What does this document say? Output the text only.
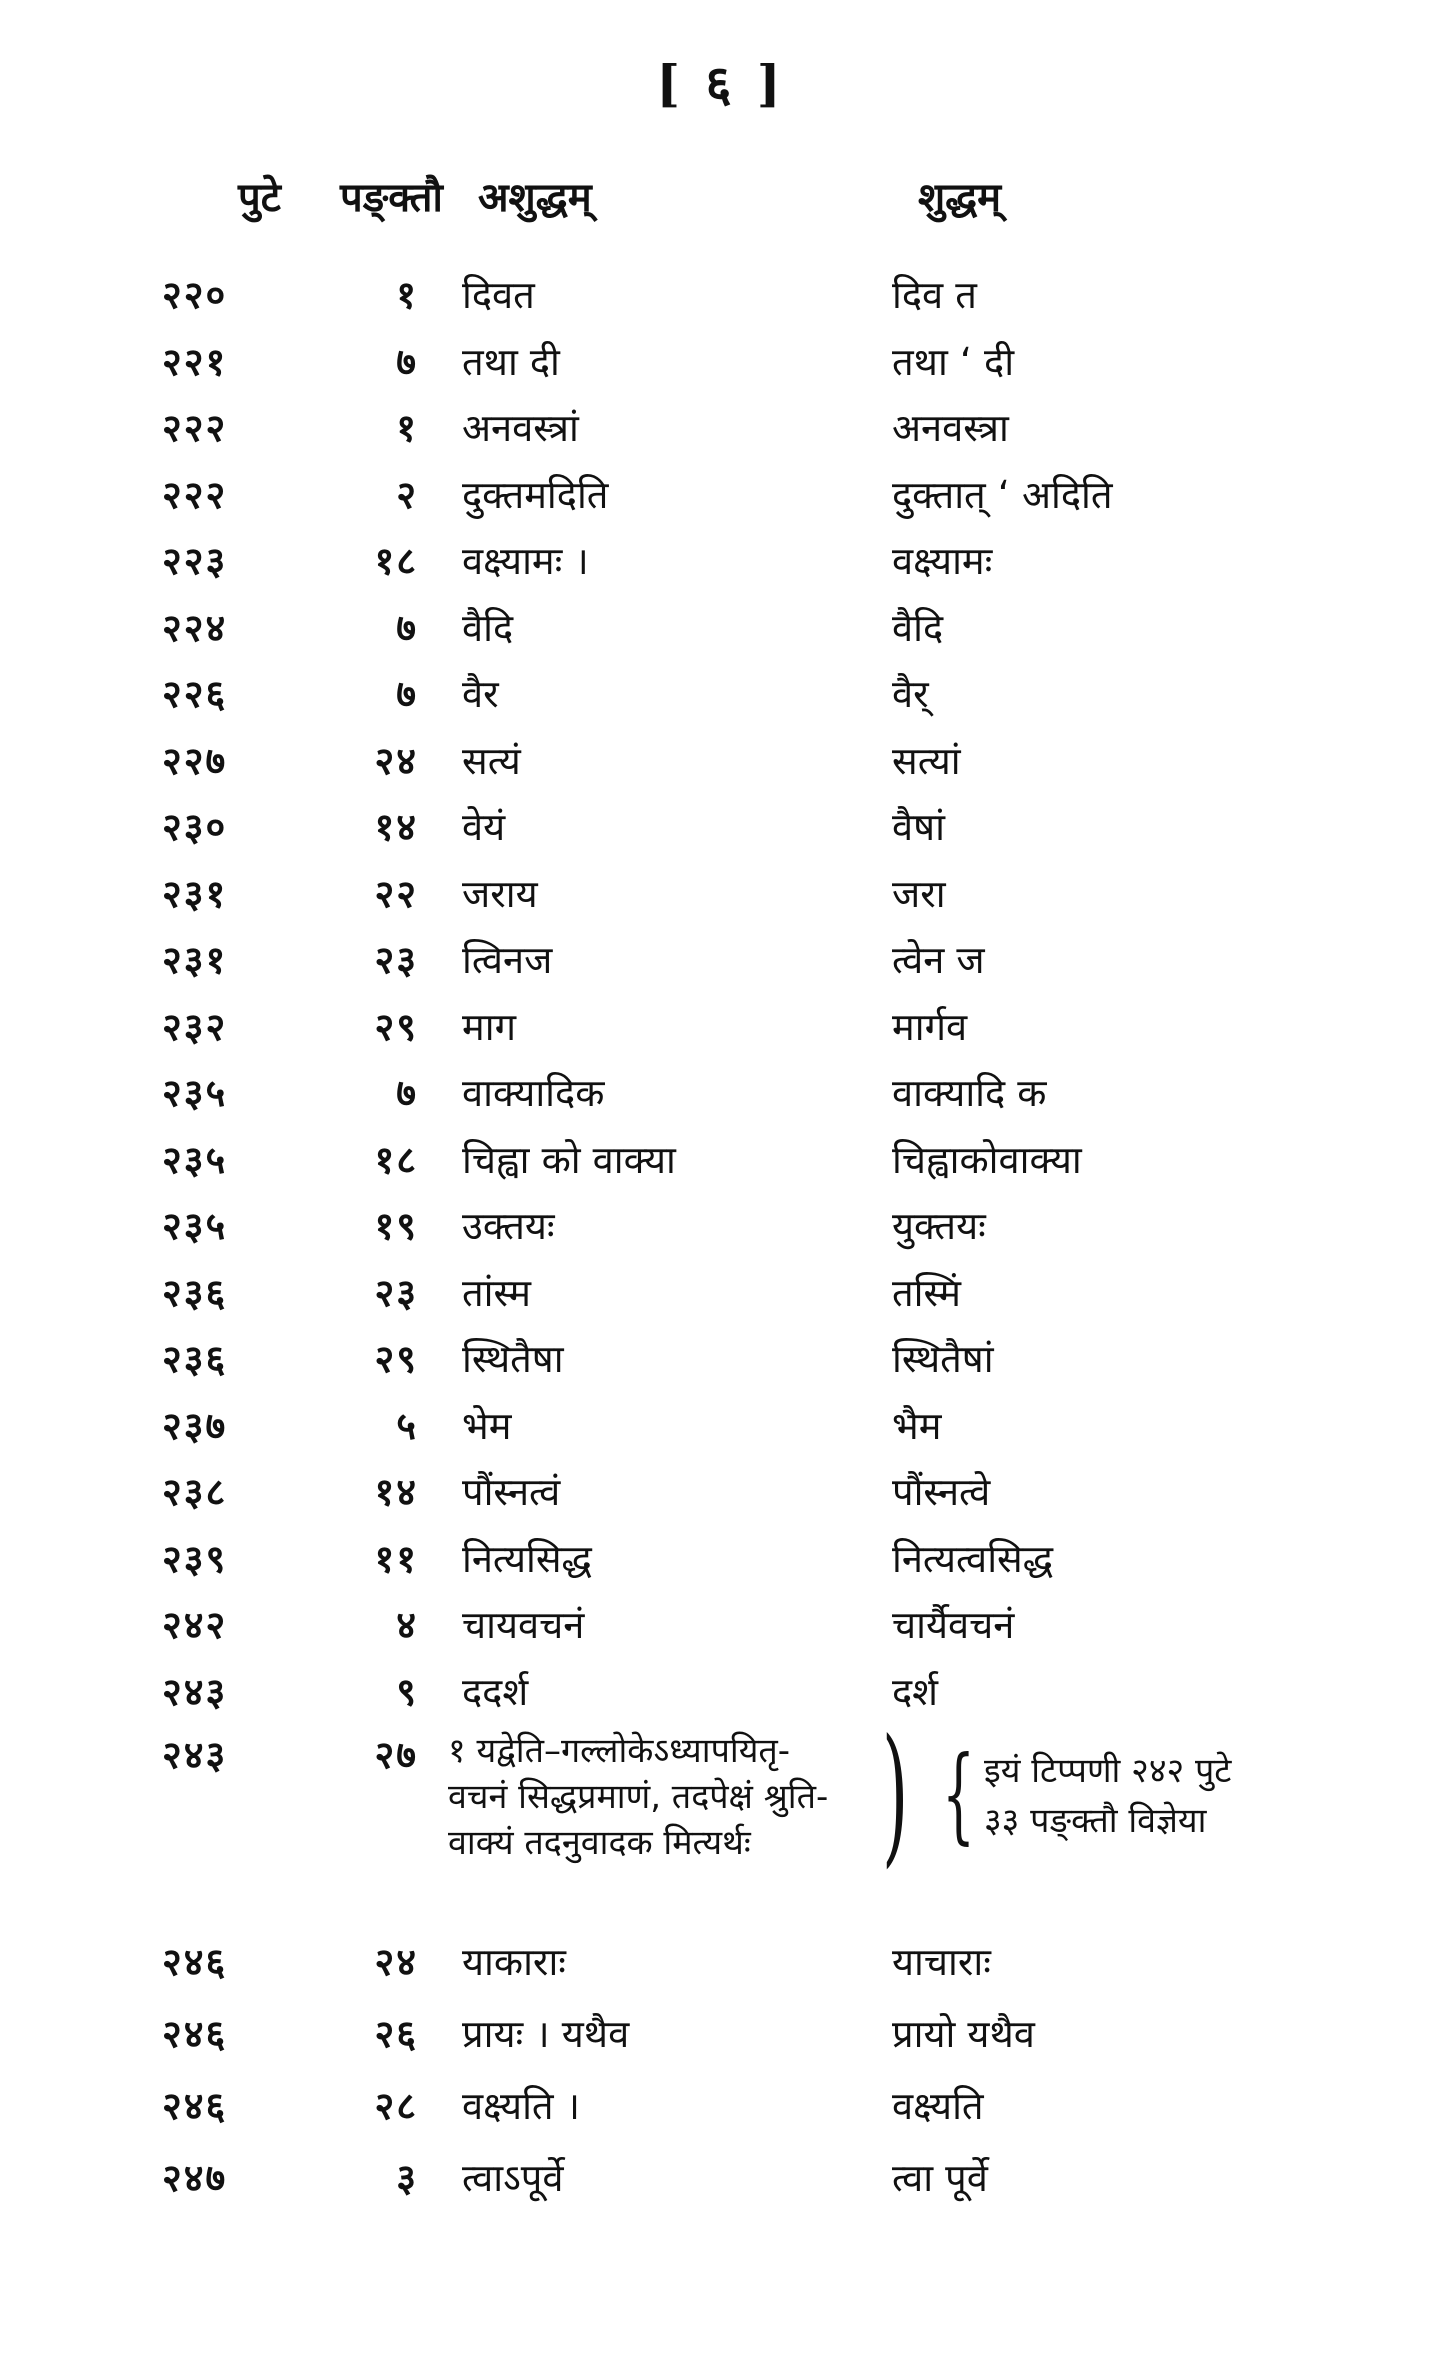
[ ६ ]
पुटे पङ्क्तौ अशुद्धम्	शुद्धम्
२२०	१ दिवत	दिव त
२२१	७ तथा दी	तथा ‘ दी
२२२	१ अनवस्त्रां	अनवस्त्रा
२२२	२ दुक्तमदिति	दुक्तात् ‘ अदिति
२२३	१८ वक्ष्यामः ।	वक्ष्यामः
२२४	७ वैदि	वैदि
२२६	७ वैर	वैर्
२२७	२४ सत्यं	सत्यां
२३०	१४ वेयं	वैषां
२३१	२२ जराय	जरा
२३१	२३ त्विनज	त्वेन ज
२३२	२९ माग	मार्गव
२३५	७ वाक्यादिक	वाक्यादि क
२३५	१८ चिह्वा को वाक्या	चिह्वाकोवाक्या
२३५	१९ उक्तयः	युक्तयः
२३६	२३ तांस्म	तस्मिं
२३६	२९ स्थितैषा	स्थितैषां
२३७	५ भेम	भैम
२३८	१४ पौंस्नत्वं	पौंस्नत्वे
२३९	११ नित्यसिद्ध	नित्यत्वसिद्ध
२४२	४ चायवचनं	चार्यैवचनं
२४३	९ ददर्श	दर्श
२४३	२७ १ यद्वेति–गल्लोकेऽध्यापयितृ-
वचनं सिद्धप्रमाणं, तदपेक्षं श्रुति-
वाक्यं तदनुवादक मित्यर्थः )	इयं टिप्पणी २४२ पुटे
३३ पङ्क्तौ विज्ञेया
{
२४६	२४ याकाराः	याचाराः
२४६	२६ प्रायः । यथैव	प्रायो यथैव
२४६	२८ वक्ष्यति ।	वक्ष्यति
२४७	३ त्वाऽपूर्वे	त्वा पूर्वे
